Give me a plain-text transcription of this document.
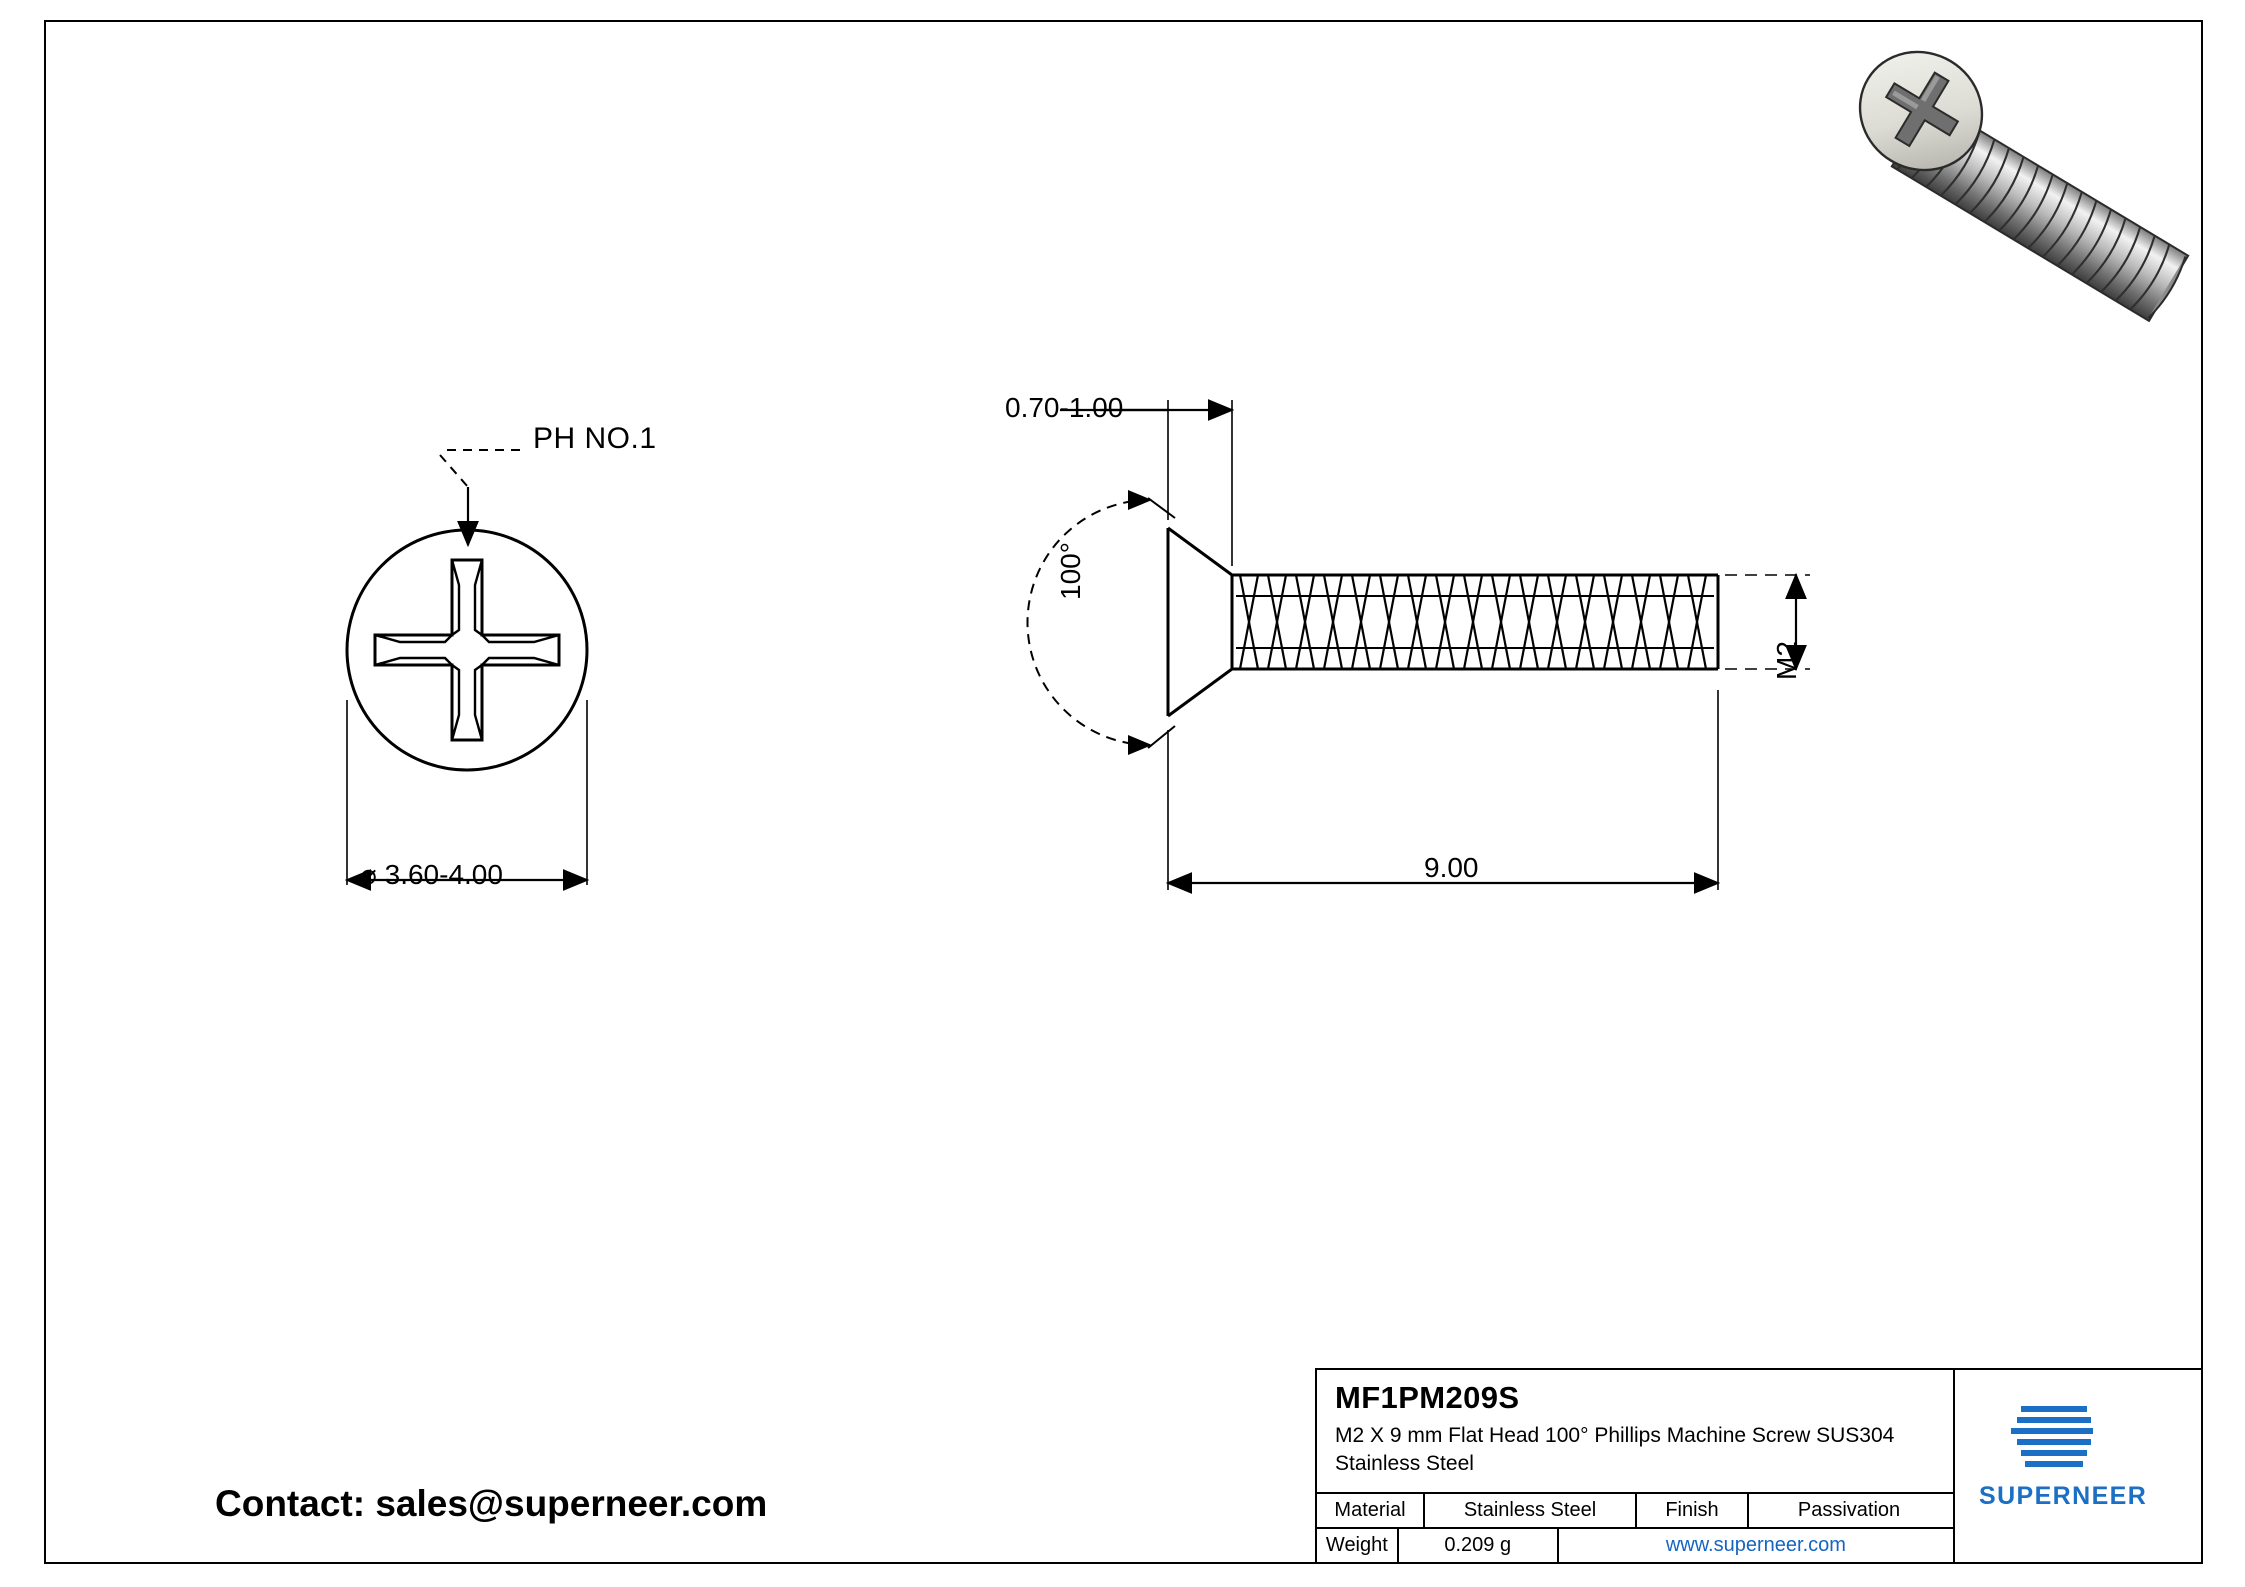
PH NO.1
⌀ 3.60-4.00
0.70-1.00
100°
M2
9.00
Contact: sales@superneer.com
MF1PM209S
M2 X 9 mm Flat Head 100° Phillips Machine Screw SUS304 Stainless Steel
Material	Stainless Steel	Finish	Passivation
Weight	0.209 g	www.superneer.com
SUPERNEER
